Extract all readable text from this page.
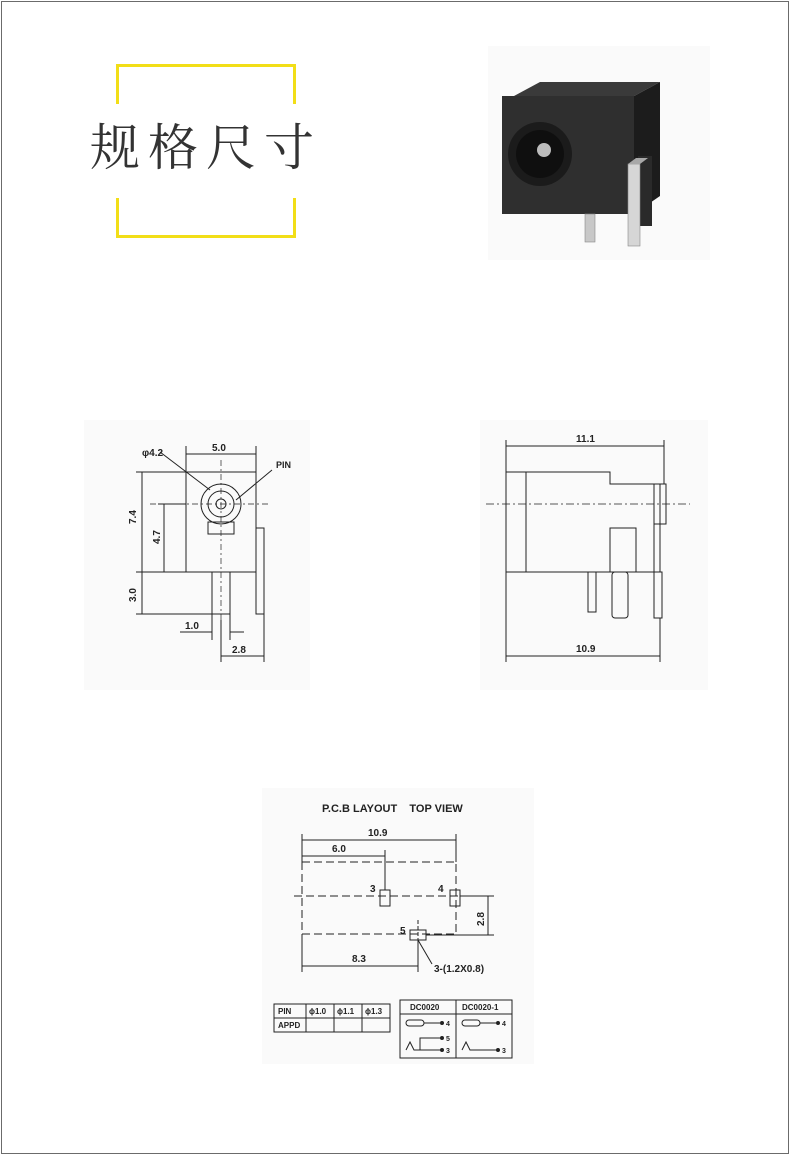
规格尺寸
φ4.2	5.0
PIN
7.4
4.7
3.0
1.0
2.8
11.1
10.9
P.C.B LAYOUT    TOP VIEW
10.9
6.0
3	4
5
2.8
8.3
3-(1.2X0.8)
PIN ϕ1.0 ϕ1.1 ϕ1.3
APPD
DC0020	DC0020-1
4
5
3
4
3
